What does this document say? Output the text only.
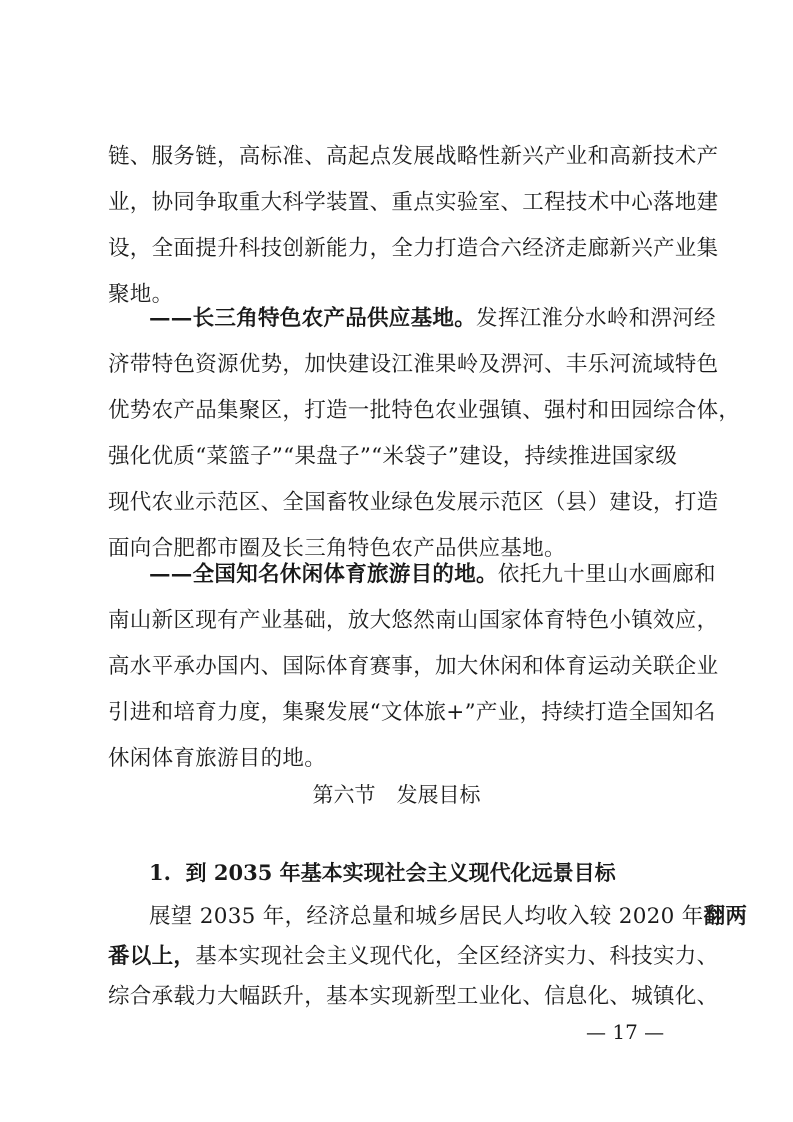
链、服务链，高标准、高起点发展战略性新兴产业和高新技术产
业，协同争取重大科学装置、重点实验室、工程技术中心落地建
设，全面提升科技创新能力，全力打造合六经济走廊新兴产业集
聚地。
——长三角特色农产品供应基地。发挥江淮分水岭和淠河经
济带特色资源优势，加快建设江淮果岭及淠河、丰乐河流域特色
优势农产品集聚区，打造一批特色农业强镇、强村和田园综合体，
强化优质“菜篮子”“果盘子”“米袋子”建设，持续推进国家级
现代农业示范区、全国畜牧业绿色发展示范区（县）建设，打造
面向合肥都市圈及长三角特色农产品供应基地。
——全国知名休闲体育旅游目的地。依托九十里山水画廊和
南山新区现有产业基础，放大悠然南山国家体育特色小镇效应，
高水平承办国内、国际体育赛事，加大休闲和体育运动关联企业
引进和培育力度，集聚发展“文体旅+”产业，持续打造全国知名
休闲体育旅游目的地。
第六节　发展目标
1.  到 2035 年基本实现社会主义现代化远景目标
展望 2035 年，经济总量和城乡居民人均收入较 2020 年翻两
番以上，基本实现社会主义现代化，全区经济实力、科技实力、
综合承载力大幅跃升，基本实现新型工业化、信息化、城镇化、
— 17 —
